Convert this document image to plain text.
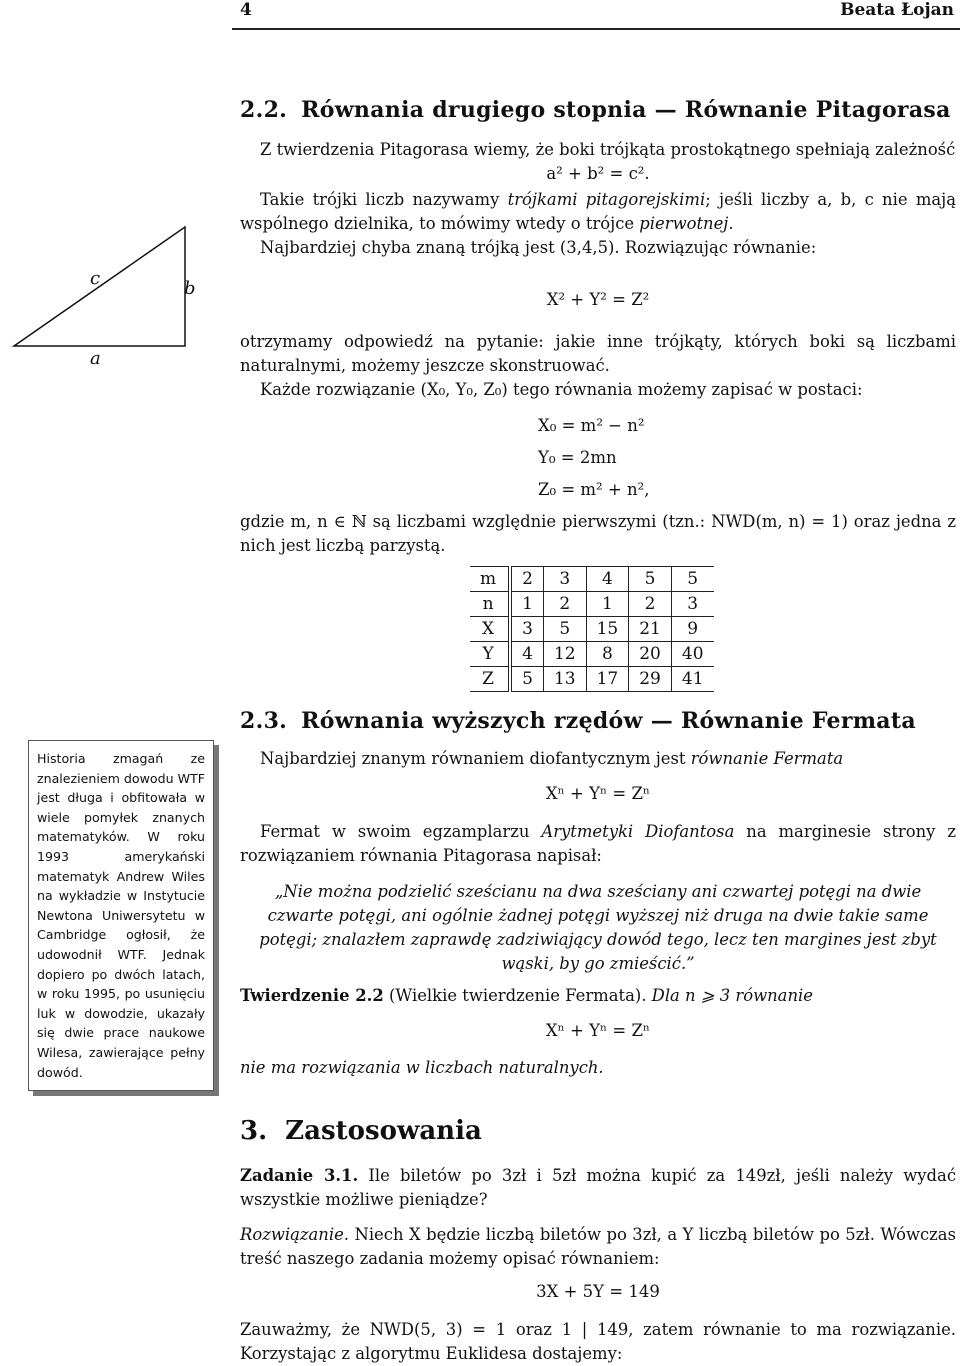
4	Beata Łojan
c	b
a
2.2. Równania drugiego stopnia — Równanie Pitagorasa

Z twierdzenia Pitagorasa wiemy, że boki trójkąta prostokątnego spełniają zależność

a² + b² = c².

Takie trójki liczb nazywamy trójkami pitagorejskimi; jeśli liczby a, b, c nie mają wspólnego dzielnika, to mówimy wtedy o trójce pierwotnej.

Najbardziej chyba znaną trójką jest (3,4,5). Rozwiązując równanie:

X² + Y² = Z²

otrzymamy odpowiedź na pytanie: jakie inne trójkąty, których boki są liczbami naturalnymi, możemy jeszcze skonstruować.

Każde rozwiązanie (X₀, Y₀, Z₀) tego równania możemy zapisać w postaci:

X₀ = m² − n²
Y₀ = 2mn
Z₀ = m² + n²,
gdzie m, n ∈ ℕ są liczbami względnie pierwszymi (tzn.: NWD(m, n) = 1) oraz jedna z nich jest liczbą parzystą.
m	2	3	4	5	5
n	1	2	1	2	3
X	3	5	15	21	9
Y	4	12	8	20	40
Z	5	13	17	29	41
2.3. Równania wyższych rzędów — Równanie Fermata

Najbardziej znanym równaniem diofantycznym jest równanie Fermata

Xⁿ + Yⁿ = Zⁿ

Fermat w swoim egzamplarzu Arytmetyki Diofantosa na marginesie strony z rozwiązaniem równania Pitagorasa napisał:

„Nie można podzielić sześcianu na dwa sześciany ani czwartej potęgi na dwie czwarte potęgi, ani ogólnie żadnej potęgi wyższej niż druga na dwie takie same potęgi; znalazłem zaprawdę zadziwiający dowód tego, lecz ten margines jest zbyt wąski, by go zmieścić.”
Twierdzenie 2.2 (Wielkie twierdzenie Fermata). Dla n ⩾ 3 równanie
Xⁿ + Yⁿ = Zⁿ
nie ma rozwiązania w liczbach naturalnych.
Historia zmagań ze znalezieniem dowodu WTF jest długa i obfitowała w wiele pomyłek znanych matematyków. W roku 1993 amerykański matematyk Andrew Wiles na wykładzie w Instytucie Newtona Uniwersytetu w Cambridge ogłosił, że udowodnił WTF. Jednak dopiero po dwóch latach, w roku 1995, po usunięciu luk w dowodzie, ukazały się dwie prace naukowe Wilesa, zawierające pełny dowód.
3. Zastosowania
Zadanie 3.1. Ile biletów po 3zł i 5zł można kupić za 149zł, jeśli należy wydać wszystkie możliwe pieniądze?
Rozwiązanie. Niech X będzie liczbą biletów po 3zł, a Y liczbą biletów po 5zł. Wówczas treść naszego zadania możemy opisać równaniem:
3X + 5Y = 149
Zauważmy, że NWD(5, 3) = 1 oraz 1 | 149, zatem równanie to ma rozwiązanie. Korzystając z algorytmu Euklidesa dostajemy:
